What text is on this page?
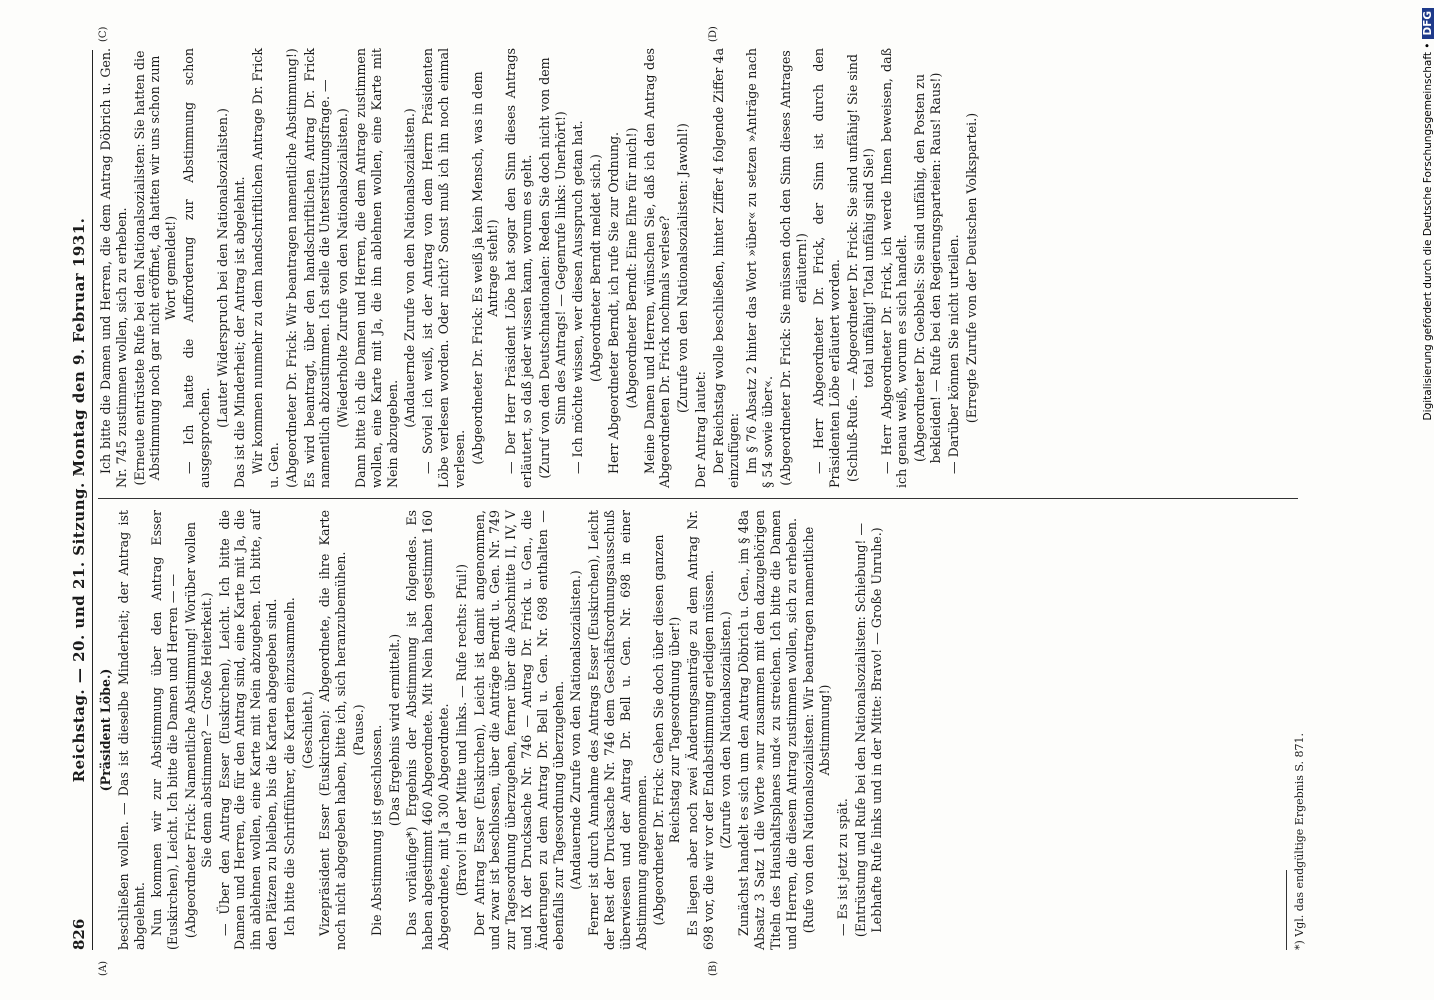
826
Reichstag. — 20. und 21. Sitzung. Montag den 9. Februar 1931. (Präsident Löbe.) beschließen wollen. — Das ist dieselbe Minderheit; der Antrag ist abgelehnt. Nun kommen wir zur Abstimmung über den Antrag Esser (Euskirchen), Leicht. Ich bitte die Damen und Herren — — (Abgeordneter Frick: Namentliche Abstimmung! Worüber wollen Sie denn abstimmen? — Große Heiterkeit.) — Über den Antrag Esser (Euskirchen), Leicht. Ich bitte die Damen und Herren, die für den Antrag sind, eine Karte mit Ja, die ihn ablehnen wollen, eine Karte mit Nein abzugeben. Ich bitte, auf den Plätzen zu bleiben, bis die Karten abgegeben sind. Ich bitte die Schriftführer, die Karten einzusammeln. (Geschieht.) Vizepräsident Esser (Euskirchen): Abgeordnete, die ihre Karte noch nicht abgegeben haben, bitte ich, sich heranzubemühen. (Pause.) Die Abstimmung ist geschlossen. (Das Ergebnis wird ermittelt.) Das vorläufige*) Ergebnis der Abstimmung ist folgendes. Es haben abgestimmt 460 Abgeordnete. Mit Nein haben gestimmt 160 Abgeordnete, mit Ja 300 Abgeordnete. (Bravo! in der Mitte und links. — Rufe rechts: Pfui!) Der Antrag Esser (Euskirchen), Leicht ist damit angenommen, und zwar ist beschlossen, über die Anträge Berndt u. Gen. Nr. 749 zur Tagesordnung überzugehen, ferner über die Abschnitte II, IV, V und IX der Drucksache Nr. 746 — Antrag Dr. Frick u. Gen., die Änderungen zu dem Antrag Dr. Bell u. Gen. Nr. 698 enthalten — ebenfalls zur Tagesordnung überzugehen. (Andauernde Zurufe von den Nationalsozialisten.) Ferner ist durch Annahme des Antrags Esser (Euskirchen), Leicht der Rest der Drucksache Nr. 746 dem Geschäftsordnungsausschuß überwiesen und der Antrag Dr. Bell u. Gen. Nr. 698 in einer Abstimmung angenommen. (Abgeordneter Dr. Frick: Gehen Sie doch über diesen ganzen Reichstag zur Tagesordnung über!) Es liegen aber noch zwei Änderungsanträge zu dem Antrag Nr. 698 vor, die wir vor der Endabstimmung erledigen müssen. (Zurufe von den Nationalsozialisten.) Zunächst handelt es sich um den Antrag Döbrich u. Gen., im § 48a Absatz 3 Satz 1 die Worte »nur zusammen mit den dazugehörigen Titeln des Haushaltsplanes und« zu streichen. Ich bitte die Damen und Herren, die diesem Antrag zustimmen wollen, sich zu erheben. (Rufe von den Nationalsozialisten: Wir beantragen namentliche Abstimmung!)

— Es ist jetzt zu spät. (Entrüstung und Rufe bei den Nationalsozialisten: Schiebung! — Lebhafte Rufe links und in der Mitte: Bravo! — Große Unruhe.)

Ich bitte die Damen und Herren, die dem Antrag Döbrich u. Gen. Nr. 745 zustimmen wollen, sich zu erheben. (Erneute entrüstete Rufe bei den Nationalsozialisten: Sie hatten die Abstimmung noch gar nicht eröffnet, da hatten wir uns schon zum Wort gemeldet!) — Ich hatte die Aufforderung zur Abstimmung schon ausgesprochen.

(Lauter Widerspruch bei den Nationalsozialisten.) Das ist die Minderheit; der Antrag ist abgelehnt. Wir kommen nunmehr zu dem handschriftlichen Antrage Dr. Frick u. Gen. (Abgeordneter Dr. Frick: Wir beantragen namentliche Abstimmung!) Es wird beantragt, über den handschriftlichen Antrag Dr. Frick namentlich abzustimmen. Ich stelle die Unterstützungsfrage. — (Wiederholte Zurufe von den Nationalsozialisten.) Dann bitte ich die Damen und Herren, die dem Antrage zustimmen wollen, eine Karte mit Ja, die ihn ablehnen wollen, eine Karte mit Nein abzugeben.

(Andauernde Zurufe von den Nationalsozialisten.) — Soviel ich weiß, ist der Antrag von dem Herrn Präsidenten Löbe verlesen worden. Oder nicht? Sonst muß ich ihn noch einmal verlesen. (Abgeordneter Dr. Frick: Es weiß ja kein Mensch, was in dem Antrage steht!) — Der Herr Präsident Löbe hat sogar den Sinn dieses Antrags erläutert, so daß jeder wissen kann, worum es geht. (Zuruf von den Deutschnationalen: Reden Sie doch nicht von dem Sinn des Antrags! — Gegenrufe links: Unerhört!) — Ich möchte wissen, wer diesen Ausspruch getan hat. (Abgeordneter Berndt meldet sich.) Herr Abgeordneter Berndt, ich rufe Sie zur Ordnung. (Abgeordneter Berndt: Eine Ehre für mich!) Meine Damen und Herren, wünschen Sie, daß ich den Antrag des Abgeordneten Dr. Frick nochmals verlese? (Zurufe von den Nationalsozialisten: Jawohl!)

Der Antrag lautet: Der Reichstag wolle beschließen, hinter Ziffer 4 folgende Ziffer 4a einzufügen: Im § 76 Absatz 2 hinter das Wort »über« zu setzen »Anträge nach § 54 sowie über«. (Abgeordneter Dr. Frick: Sie müssen doch den Sinn dieses Antrages erläutern!) — Herr Abgeordneter Dr. Frick, der Sinn ist durch den Präsidenten Löbe erläutert worden. (Schluß-Rufe. — Abgeordneter Dr. Frick: Sie sind unfähig! Sie sind total unfähig! Total unfähig sind Sie!) — Herr Abgeordneter Dr. Frick, ich werde Ihnen beweisen, daß ich genau weiß, worum es sich handelt. (Abgeordneter Dr. Goebbels: Sie sind unfähig, den Posten zu bekleiden! — Rufe bei den Regierungsparteien: Raus! Raus!) — Darüber können Sie nicht urteilen. (Erregte Zurufe von der Deutschen Volkspartei.)

(A)	(B)
(C)	(D)
*) Vgl. das endgültige Ergebnis S. 871.
Digitalisierung gefördert durch die Deutsche Forschungsgemeinschaft •DFG
